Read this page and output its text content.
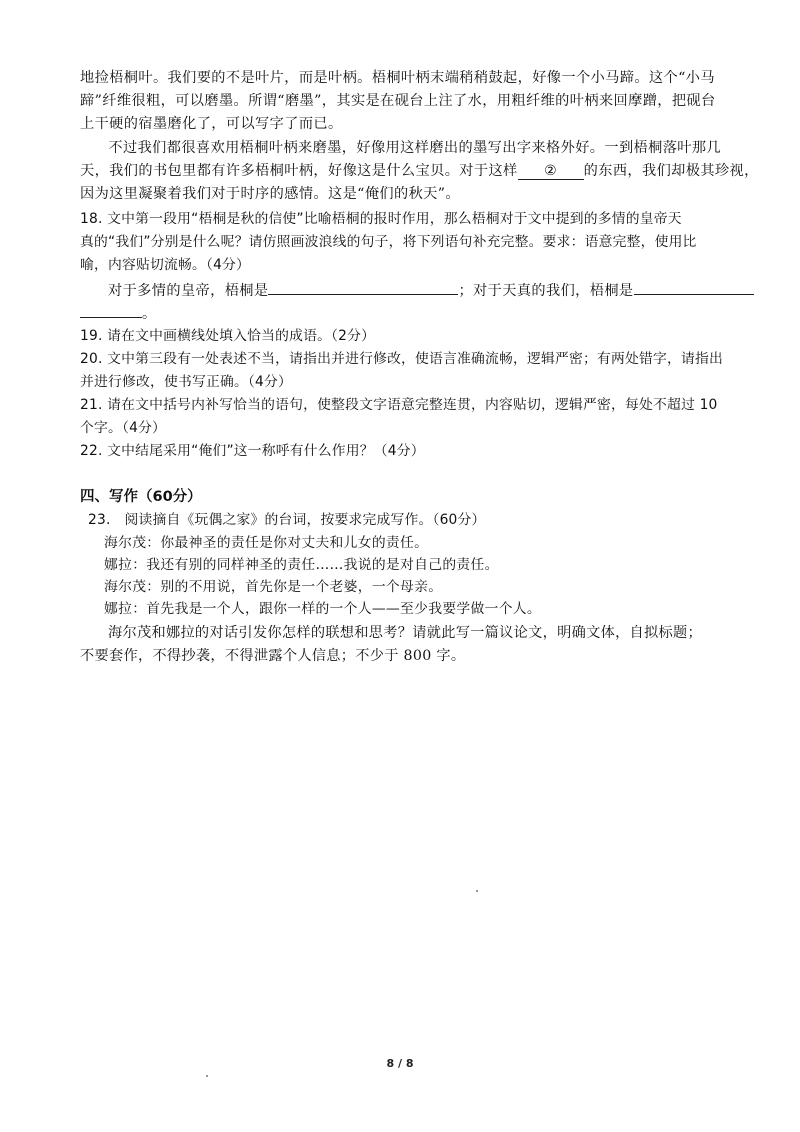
地捡梧桐叶。我们要的不是叶片，而是叶柄。梧桐叶柄末端稍稍鼓起，好像一个小马蹄。这个“小马

蹄”纤维很粗，可以磨墨。所谓“磨墨”，其实是在砚台上注了水，用粗纤维的叶柄来回摩蹭，把砚台

上干硬的宿墨磨化了，可以写字了而已。

不过我们都很喜欢用梧桐叶柄来磨墨，好像用这样磨出的墨写出字来格外好。一到梧桐落叶那几

天，我们的书包里都有许多梧桐叶柄，好像这是什么宝贝。对于这样 ② 的东西，我们却极其珍视，

因为这里凝聚着我们对于时序的感情。这是“俺们的秋天”。

18. 文中第一段用“梧桐是秋的信使”比喻梧桐的报时作用，那么梧桐对于文中提到的多情的皇帝天

真的“我们”分别是什么呢？请仿照画波浪线的句子，将下列语句补充完整。要求：语意完整，使用比

喻，内容贴切流畅。（4分）

对于多情的皇帝，梧桐是	；对于天真的我们，梧桐是

。

19. 请在文中画横线处填入恰当的成语。（2分）

20. 文中第三段有一处表述不当，请指出并进行修改，使语言准确流畅，逻辑严密；有两处错字，请指出

并进行修改，使书写正确。（4分）

21. 请在文中括号内补写恰当的语句，使整段文字语意完整连贯，内容贴切，逻辑严密，每处不超过 10

个字。（4分）

22. 文中结尾采用“俺们”这一称呼有什么作用？（4分）

四、写作（60分）

23.　阅读摘自《玩偶之家》的台词，按要求完成写作。（60分）

海尔茂：你最神圣的责任是你对丈夫和儿女的责任。

娜拉：我还有别的同样神圣的责任……我说的是对自己的责任。

海尔茂：别的不用说，首先你是一个老婆，一个母亲。

娜拉：首先我是一个人，跟你一样的一个人——至少我要学做一个人。

海尔茂和娜拉的对话引发你怎样的联想和思考？请就此写一篇议论文，明确文体，自拟标题；

不要套作，不得抄袭，不得泄露个人信息；不少于 800 字。

8 / 8
